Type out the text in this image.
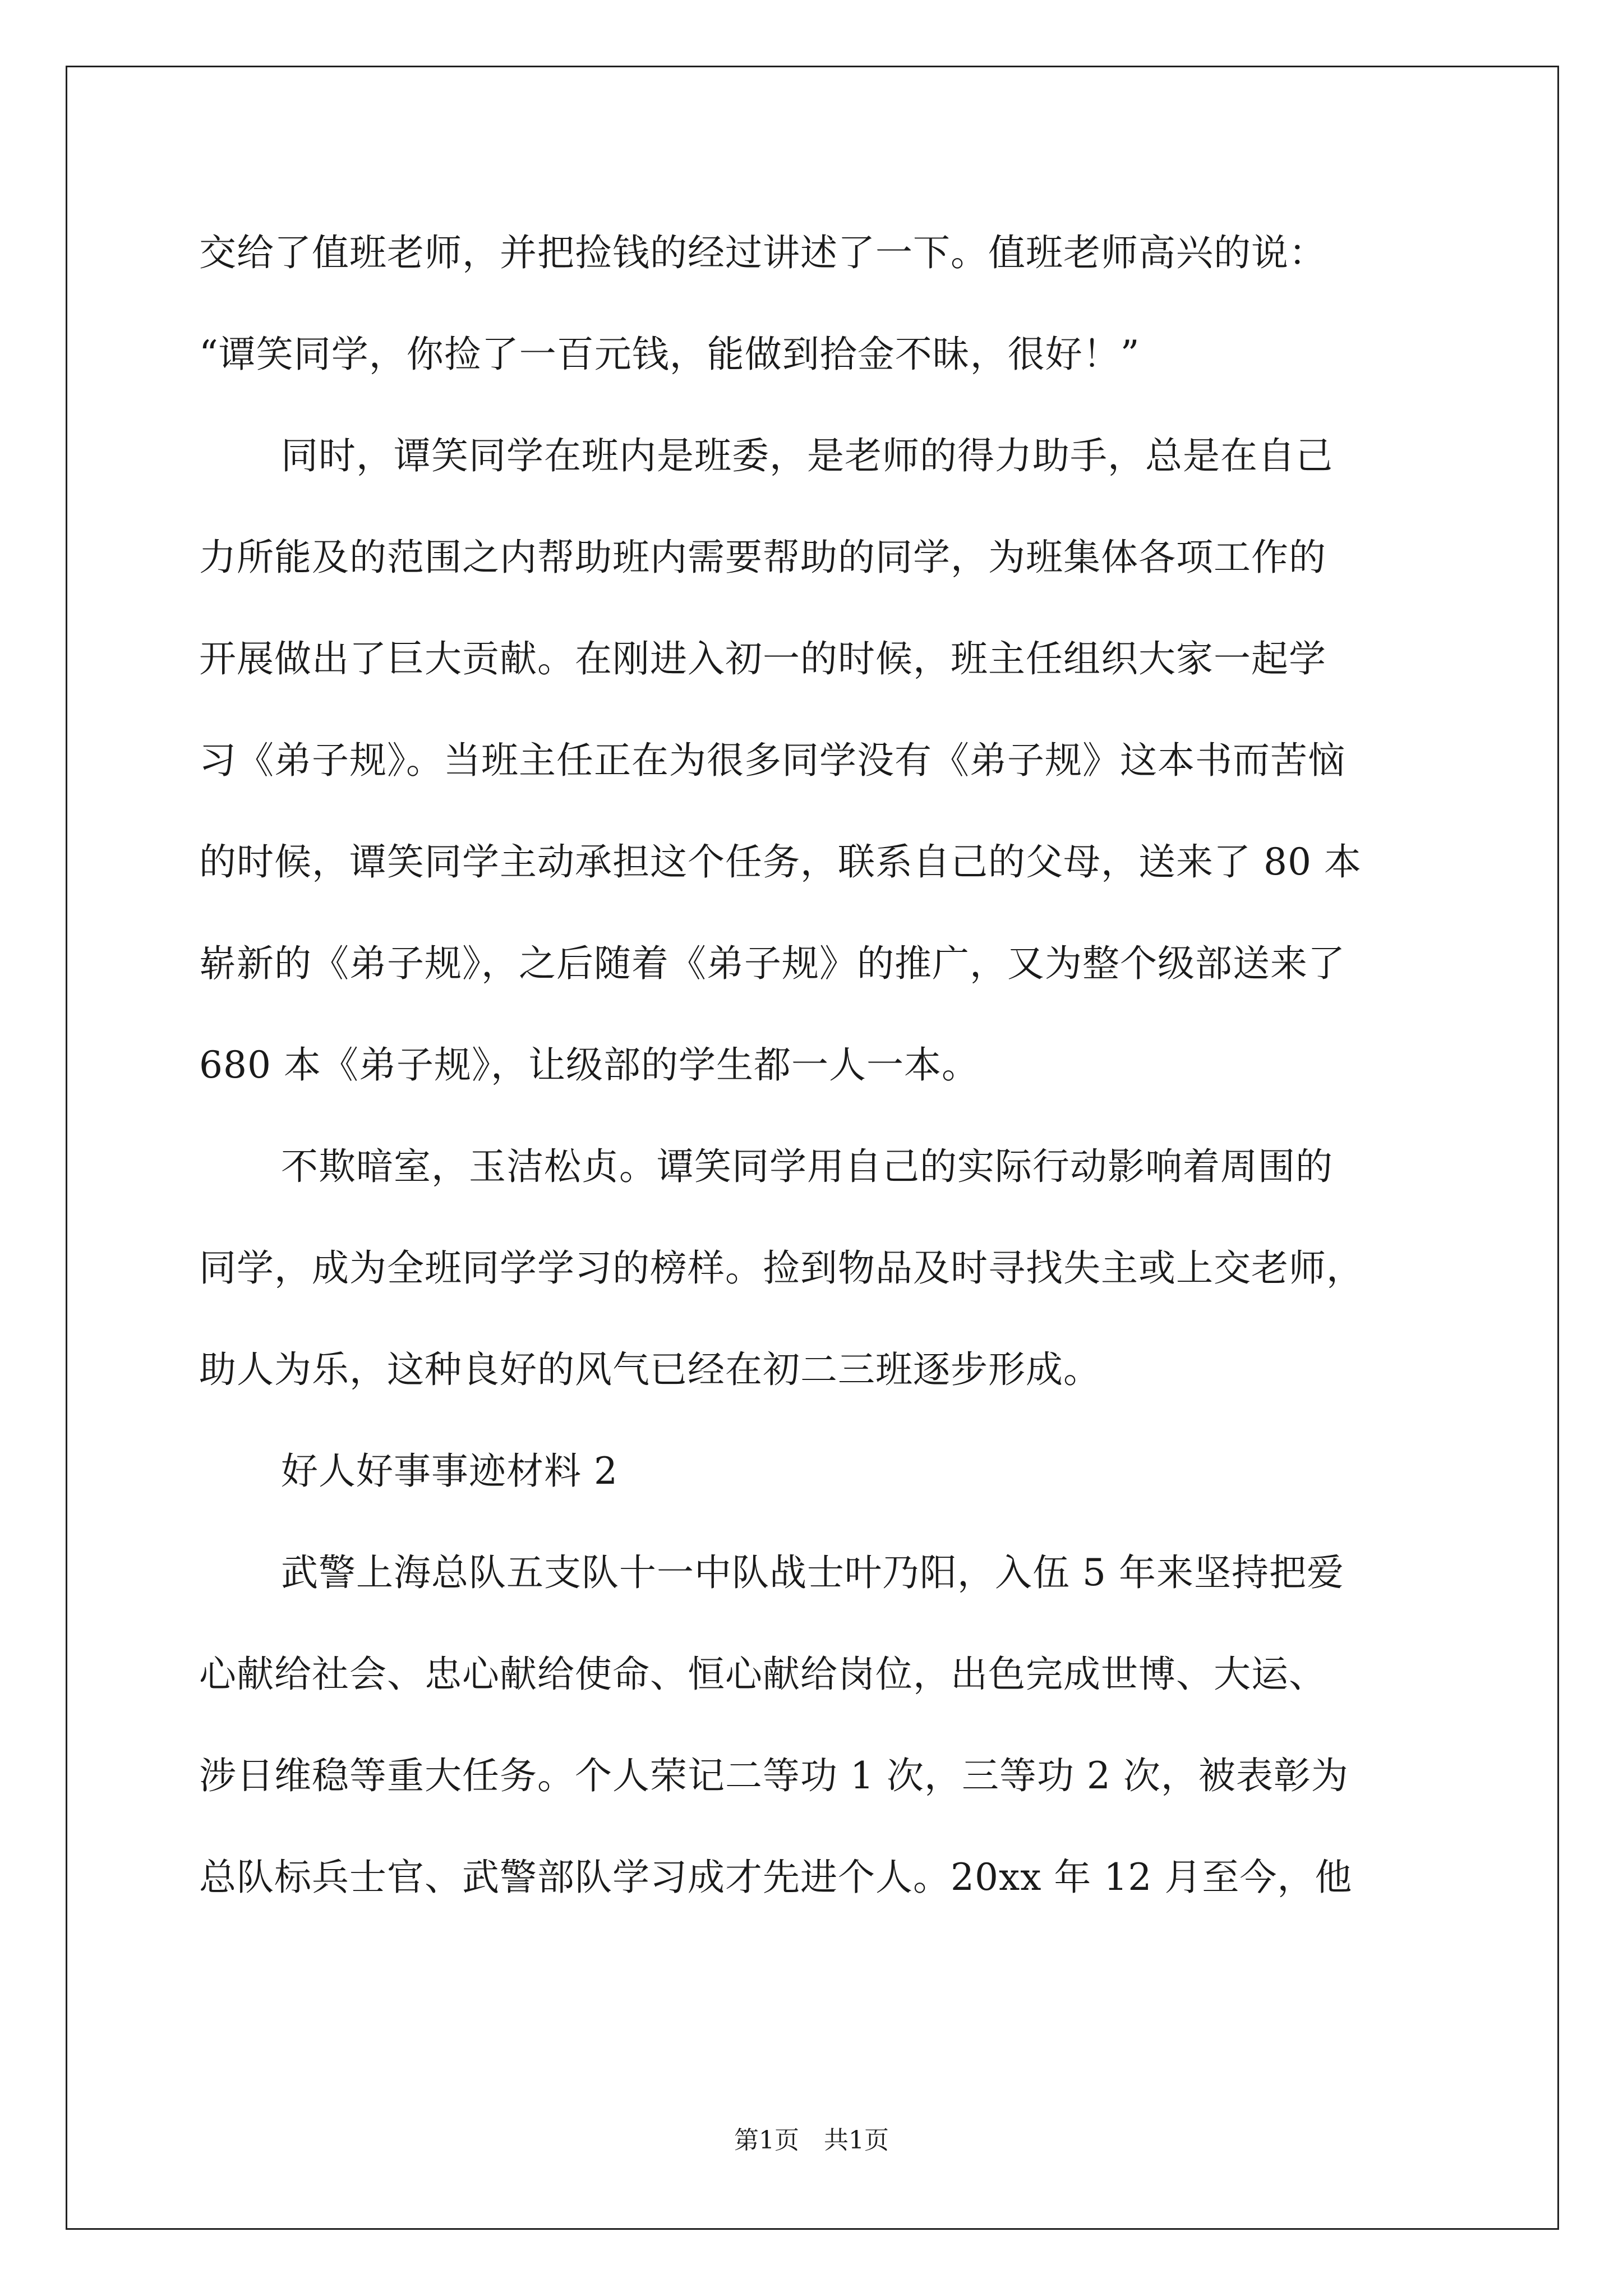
交给了值班老师，并把捡钱的经过讲述了一下。值班老师高兴的说：
“谭笑同学，你捡了一百元钱，能做到拾金不昧，很好！”
同时，谭笑同学在班内是班委，是老师的得力助手，总是在自己
力所能及的范围之内帮助班内需要帮助的同学，为班集体各项工作的
开展做出了巨大贡献。在刚进入初一的时候，班主任组织大家一起学
习《弟子规》。当班主任正在为很多同学没有《弟子规》这本书而苦恼
的时候，谭笑同学主动承担这个任务，联系自己的父母，送来了 80 本
崭新的《弟子规》，之后随着《弟子规》的推广，又为整个级部送来了
680 本《弟子规》，让级部的学生都一人一本。
不欺暗室，玉洁松贞。谭笑同学用自己的实际行动影响着周围的
同学，成为全班同学学习的榜样。捡到物品及时寻找失主或上交老师，
助人为乐，这种良好的风气已经在初二三班逐步形成。
好人好事事迹材料 2
武警上海总队五支队十一中队战士叶乃阳，入伍 5 年来坚持把爱
心献给社会、忠心献给使命、恒心献给岗位，出色完成世博、大运、
涉日维稳等重大任务。个人荣记二等功 1 次，三等功 2 次，被表彰为
总队标兵士官、武警部队学习成才先进个人。20xx 年 12 月至今，他
第1页　共1页
